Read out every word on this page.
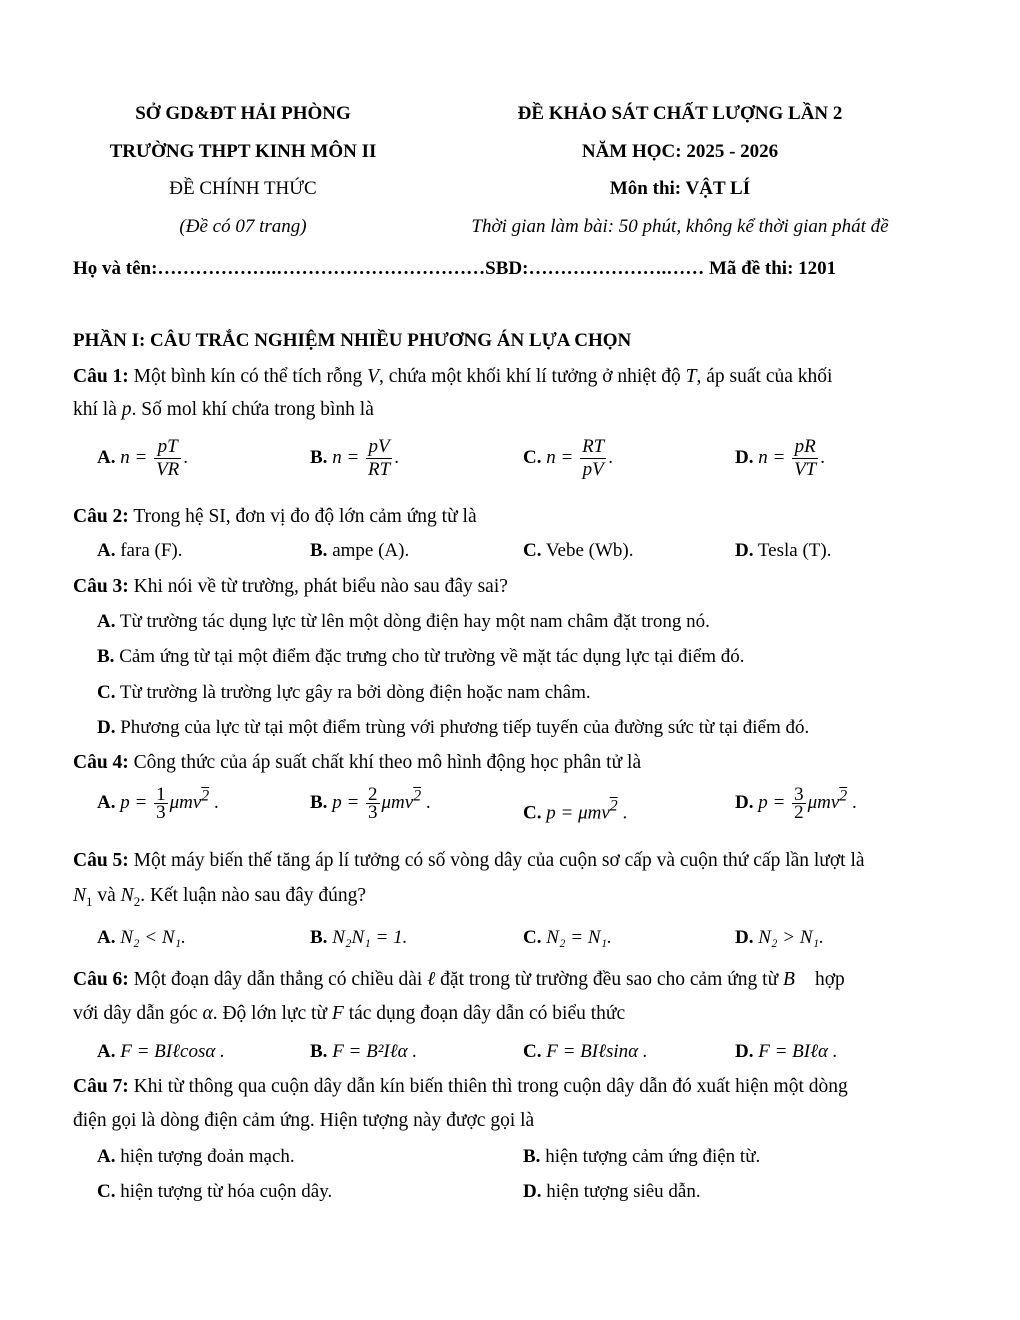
SỞ GD&ĐT HẢI PHÒNG
TRƯỜNG THPT KINH MÔN II
ĐỀ CHÍNH THỨC
(Đề có 07 trang)
ĐỀ KHẢO SÁT CHẤT LƯỢNG LẦN 2
NĂM HỌC: 2025 - 2026
Môn thi: VẬT LÍ
Thời gian làm bài: 50 phút, không kể thời gian phát đề
Họ và tên:……………….……………………………SBD:………………….…… Mã đề thi: 1201
PHẦN I: CÂU TRẮC NGHIỆM NHIỀU PHƯƠNG ÁN LỰA CHỌN
Câu 1: Một bình kín có thể tích rỗng V, chứa một khối khí lí tưởng ở nhiệt độ T, áp suất của khối
khí là p. Số mol khí chứa trong bình là
A. $n = \frac{pT}{VR}$ .	B. $n = \frac{pV}{RT}$ .	C. $n = \frac{RT}{pV}$ .	D. $n = \frac{pR}{VT}$ .
Câu 2: Trong hệ SI, đơn vị đo độ lớn cảm ứng từ là
A. fara (F).	B. ampe (A).	C. Vebe (Wb).	D. Tesla (T).
Câu 3: Khi nói về từ trường, phát biểu nào sau đây sai?
A. Từ trường tác dụng lực từ lên một dòng điện hay một nam châm đặt trong nó.
B. Cảm ứng từ tại một điểm đặc trưng cho từ trường về mặt tác dụng lực tại điểm đó.
C. Từ trường là trường lực gây ra bởi dòng điện hoặc nam châm.
D. Phương của lực từ tại một điểm trùng với phương tiếp tuyến của đường sức từ tại điểm đó.
Câu 4: Công thức của áp suất chất khí theo mô hình động học phân tử là
A. $p = \frac{1}{3} \mu mv^2$ .	B. $p = \frac{2}{3} \mu mv^2$ .	C. p = μmv$^2$ .	D. $p = \frac{3}{2} \mu mv^2$ .
Câu 5: Một máy biến thế tăng áp lí tưởng có số vòng dây của cuộn sơ cấp và cuộn thứ cấp lần lượt là
$N_1$ và $N_2$. Kết luận nào sau đây đúng?
A. N₂ < N₁.	B. N₂N₁ = 1.	C. N₂ = N₁.	D. N₂ > N₁.
Câu 6: Một đoạn dây dẫn thẳng có chiều dài ℓ đặt trong từ trường đều sao cho cảm ứng từ B⃗ hợp
với dây dẫn góc α. Độ lớn lực từ F tác dụng đoạn dây dẫn có biểu thức
A. F = BIℓcosα .	B. F = B²Iℓα .	C. F = BIℓsinα .	D. F = BIℓα .
Câu 7: Khi từ thông qua cuộn dây dẫn kín biến thiên thì trong cuộn dây dẫn đó xuất hiện một dòng
điện gọi là dòng điện cảm ứng. Hiện tượng này được gọi là
A. hiện tượng đoản mạch.	B. hiện tượng cảm ứng điện từ.
C. hiện tượng từ hóa cuộn dây.	D. hiện tượng siêu dẫn.
